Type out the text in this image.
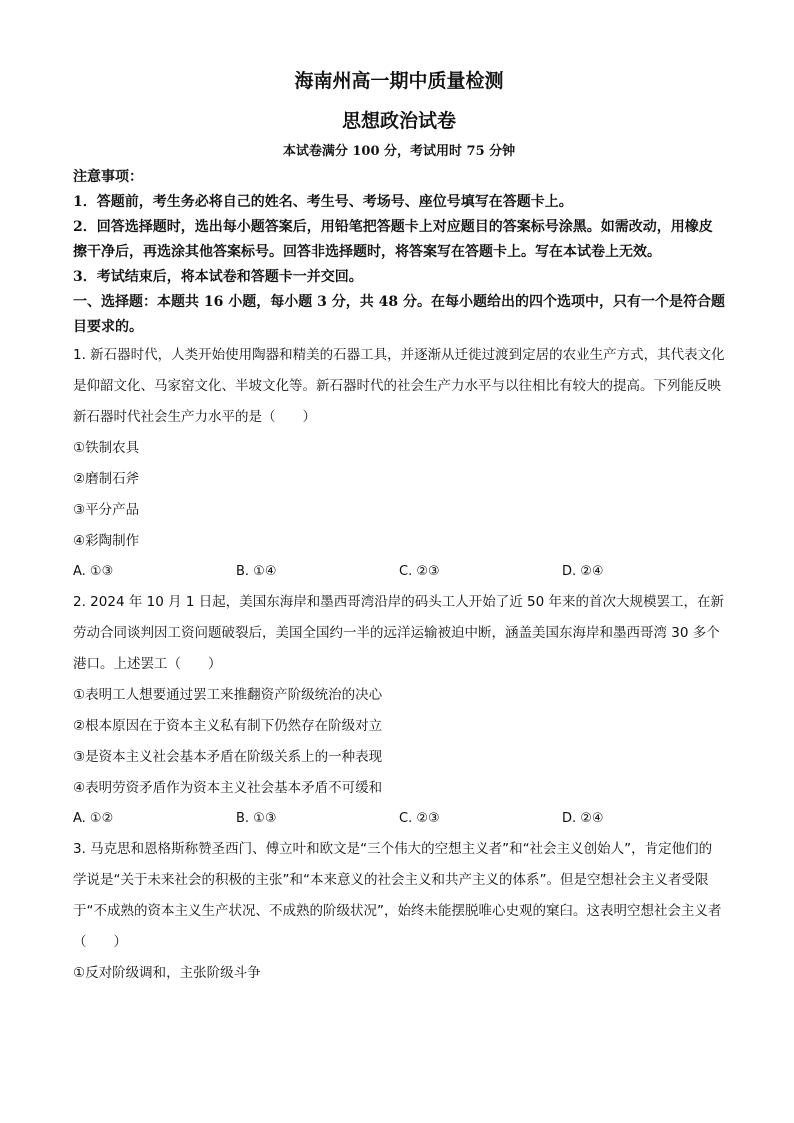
海南州高一期中质量检测
思想政治试卷
本试卷满分 100 分，考试用时 75 分钟
注意事项：

1．答题前，考生务必将自己的姓名、考生号、考场号、座位号填写在答题卡上。

2．回答选择题时，选出每小题答案后，用铅笔把答题卡上对应题目的答案标号涂黑。如需改动，用橡皮擦干净后，再选涂其他答案标号。回答非选择题时，将答案写在答题卡上。写在本试卷上无效。

3．考试结束后，将本试卷和答题卡一并交回。

一、选择题：本题共 16 小题，每小题 3 分，共 48 分。在每小题给出的四个选项中，只有一个是符合题目要求的。

1. 新石器时代，人类开始使用陶器和精美的石器工具，并逐渐从迁徙过渡到定居的农业生产方式，其代表文化是仰韶文化、马家窑文化、半坡文化等。新石器时代的社会生产力水平与以往相比有较大的提高。下列能反映新石器时代社会生产力水平的是（　　）

①铁制农具

②磨制石斧

③平分产品

④彩陶制作

A. ①③	B. ①④	C. ②③	D. ②④

2. 2024 年 10 月 1 日起，美国东海岸和墨西哥湾沿岸的码头工人开始了近 50 年来的首次大规模罢工，在新劳动合同谈判因工资问题破裂后，美国全国约一半的远洋运输被迫中断，涵盖美国东海岸和墨西哥湾 30 多个港口。上述罢工（　　）

①表明工人想要通过罢工来推翻资产阶级统治的决心

②根本原因在于资本主义私有制下仍然存在阶级对立

③是资本主义社会基本矛盾在阶级关系上的一种表现

④表明劳资矛盾作为资本主义社会基本矛盾不可缓和

A. ①②	B. ①③	C. ②③	D. ②④

3. 马克思和恩格斯称赞圣西门、傅立叶和欧文是“三个伟大的空想主义者”和“社会主义创始人”，肯定他们的学说是“关于未来社会的积极的主张”和“本来意义的社会主义和共产主义的体系”。但是空想社会主义者受限于“不成熟的资本主义生产状况、不成熟的阶级状况”，始终未能摆脱唯心史观的窠臼。这表明空想社会主义者（　　）

①反对阶级调和，主张阶级斗争
